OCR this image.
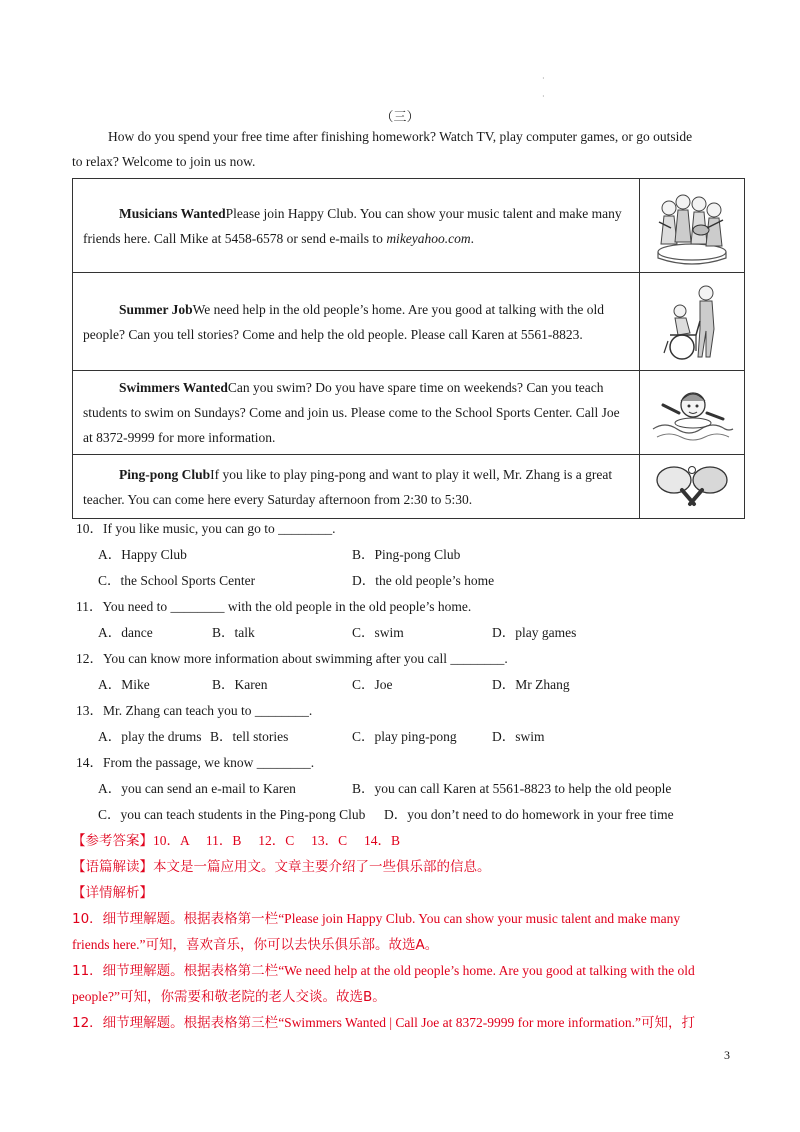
·
·
（三）

How do you spend your free time after finishing homework? Watch TV, play computer games, or go outside

to relax? Welcome to join us now.

Musicians WantedPlease join Happy Club. You can show your music talent and make many friends here. Call Mike at 5458-6578 or send e-mails to mikeyahoo.com.

Summer JobWe need help in the old people’s home. Are you good at talking with the old people? Can you tell stories? Come and help the old people. Please call Karen at 5561-8823.

Swimmers WantedCan you swim? Do you have spare time on weekends? Can you teach students to swim on Sundays? Come and join us. Please come to the School Sports Center. Call Joe at 8372-9999 for more information.

Ping-pong ClubIf you like to play ping-pong and want to play it well, Mr. Zhang is a great teacher. You can come here every Saturday afternoon from 2:30 to 5:30.

10．If you like music, you can go to ________.
A．Happy Club	B．Ping-pong Club
C．the School Sports Center	D．the old people’s home
11．You need to ________ with the old people in the old people’s home.
A．dance	B．talk	C．swim	D．play games
12．You can know more information about swimming after you call ________.
A．Mike	B．Karen	C．Joe	D．Mr Zhang
13．Mr. Zhang can teach you to ________.
A．play the drums B．tell stories	C．play ping-pong	D．swim
14．From the passage, we know ________.
A．you can send an e-mail to Karen	B．you can call Karen at 5561-8823 to help the old people
C．you can teach students in the Ping-pong Club D．you don’t need to do homework in your free time
【参考答案】10．A　 11．B　 12．C　 13．C　 14．B
【语篇解读】本文是一篇应用文。文章主要介绍了一些俱乐部的信息。
【详情解析】
10．细节理解题。根据表格第一栏“Please join Happy Club. You can show your music talent and make many
friends here.”可知，喜欢音乐，你可以去快乐俱乐部。故选A。
11．细节理解题。根据表格第二栏“We need help at the old people’s home. Are you good at talking with the old
people?”可知，你需要和敬老院的老人交谈。故选B。
12．细节理解题。根据表格第三栏“Swimmers Wanted | Call Joe at 8372-9999 for more information.”可知，打
3
